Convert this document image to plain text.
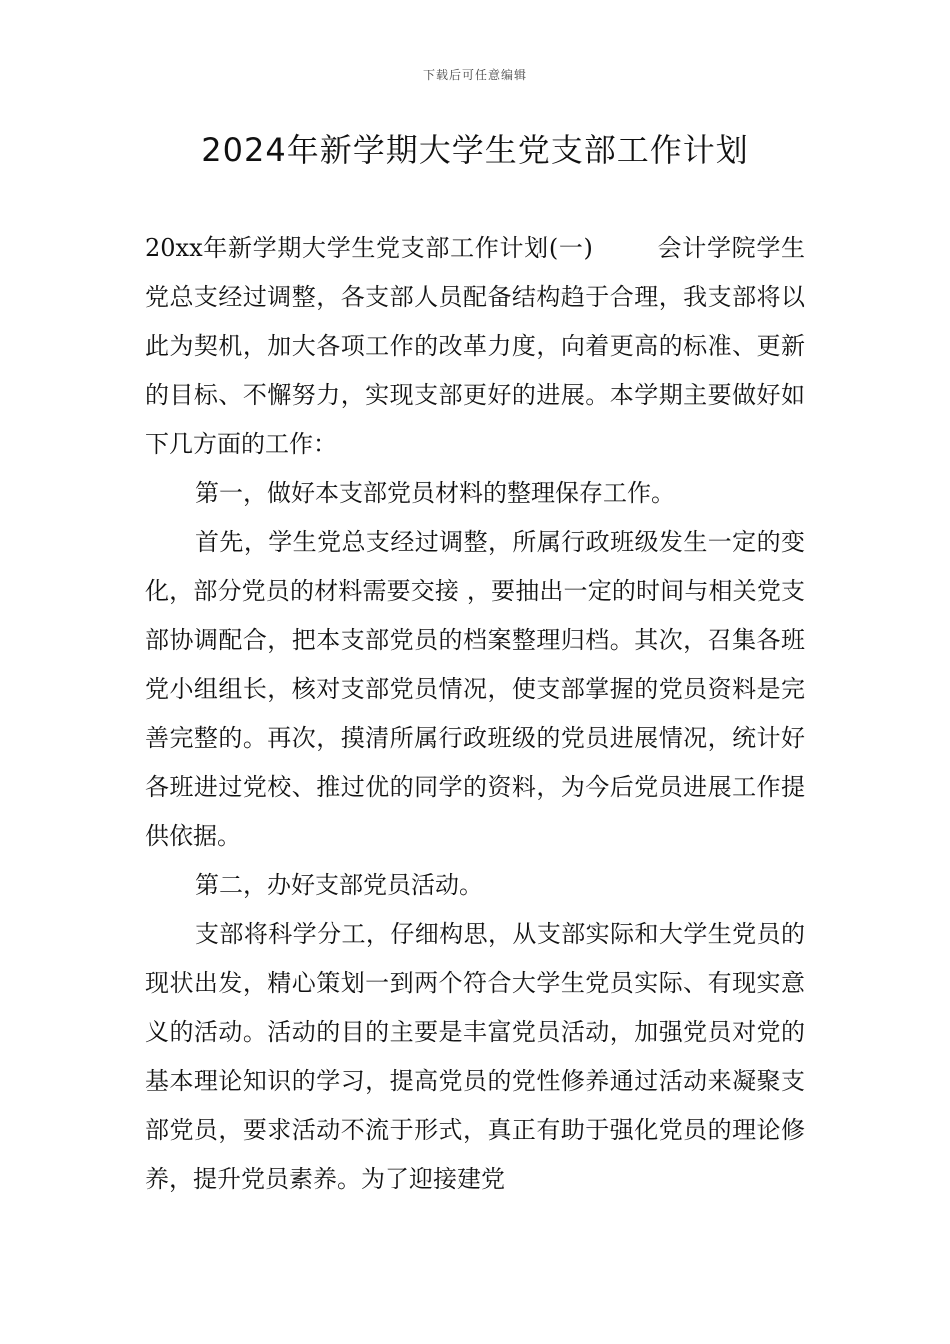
下载后可任意编辑
2024年新学期大学生党支部工作计划

20xx年新学期大学生党支部工作计划(一)	会计学院学生党总支经过调整，各支部人员配备结构趋于合理，我支部将以此为契机，加大各项工作的改革力度，向着更高的标准、更新的目标、不懈努力，实现支部更好的进展。本学期主要做好如下几方面的工作：

第一，做好本支部党员材料的整理保存工作。

首先，学生党总支经过调整，所属行政班级发生一定的变化，部分党员的材料需要交接 ，要抽出一定的时间与相关党支部协调配合，把本支部党员的档案整理归档。其次，召集各班党小组组长，核对支部党员情况，使支部掌握的党员资料是完善完整的。再次，摸清所属行政班级的党员进展情况，统计好各班进过党校、推过优的同学的资料，为今后党员进展工作提供依据。

第二，办好支部党员活动。

支部将科学分工，仔细构思，从支部实际和大学生党员的现状出发，精心策划一到两个符合大学生党员实际、有现实意义的活动。活动的目的主要是丰富党员活动，加强党员对党的基本理论知识的学习，提高党员的党性修养通过活动来凝聚支部党员，要求活动不流于形式，真正有助于强化党员的理论修养，提升党员素养。为了迎接建党
